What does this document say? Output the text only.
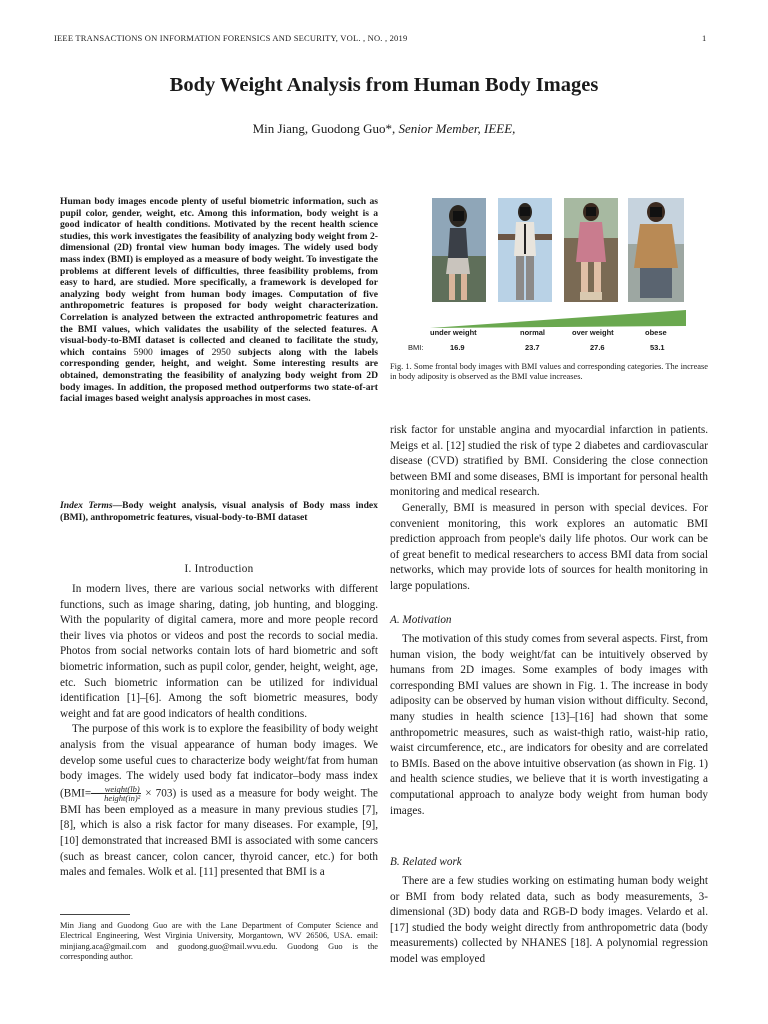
IEEE TRANSACTIONS ON INFORMATION FORENSICS AND SECURITY, VOL. , NO. , 2019	1
Body Weight Analysis from Human Body Images
Min Jiang, Guodong Guo*, Senior Member, IEEE,
Human body images encode plenty of useful biometric information, such as pupil color, gender, weight, etc. Among this information, body weight is a good indicator of health conditions. Motivated by the recent health science studies, this work investigates the feasibility of analyzing body weight from 2-dimensional (2D) frontal view human body images. The widely used body mass index (BMI) is employed as a measure of body weight. To investigate the problems at different levels of difficulties, three feasibility problems, from easy to hard, are studied. More specifically, a framework is developed for analyzing body weight from human body images. Computation of five anthropometric features is proposed for body weight characterization. Correlation is analyzed between the extracted anthropometric features and the BMI values, which validates the usability of the selected features. A visual-body-to-BMI dataset is collected and cleaned to facilitate the study, which contains 5900 images of 2950 subjects along with the labels corresponding gender, height, and weight. Some interesting results are obtained, demonstrating the feasibility of analyzing body weight from 2D body images. In addition, the proposed method outperforms two state-of-art facial images based weight analysis approaches in most cases.
Index Terms—Body weight analysis, visual analysis of Body mass index (BMI), anthropometric features, visual-body-to-BMI dataset
I. Introduction

In modern lives, there are various social networks with different functions, such as image sharing, dating, job hunting, and blogging. With the popularity of digital camera, more and more people record their lives via photos or videos and post the records to social media. Photos from social networks contain lots of hard biometric and soft biometric information, such as pupil color, gender, height, weight, age, etc. Such biometric information can be utilized for individual identification [1]–[6]. Among the soft biometric measures, body weight and fat are good indicators of health conditions.

The purpose of this work is to explore the feasibility of body weight analysis from the visual appearance of human body images. We develop some useful cues to characterize body weight/fat from human body images. The widely used body fat indicator–body mass index $(BMI= \frac{\text{weight(lb)}}{\text{height(in)²}} \times 703)$ is used as a measure for body weight. The BMI has been employed as a measure in many previous studies [7], [8], which is also a risk factor for many diseases. For example, [9], [10] demonstrated that increased BMI is associated with some cancers (such as breast cancer, colon cancer, thyroid cancer, etc.) for both males and females. Wolk et al. [11] presented that BMI is a

Min Jiang and Guodong Guo are with the Lane Department of Computer Science and Electrical Engineering, West Virginia University, Morgantown, WV 26506, USA. email: minjiang.aca@gmail.com and guodong.guo@mail.wvu.edu. Guodong Guo is the corresponding author.
under weight	normal	over weight	obese
BMI:	16.9	23.7	27.6	53.1
Fig. 1. Some frontal body images with BMI values and corresponding categories. The increase in body adiposity is observed as the BMI value increases.

risk factor for unstable angina and myocardial infarction in patients. Meigs et al. [12] studied the risk of type 2 diabetes and cardiovascular disease (CVD) stratified by BMI. Considering the close connection between BMI and some diseases, BMI is important for personal health monitoring and medical research.

Generally, BMI is measured in person with special devices. For convenient monitoring, this work explores an automatic BMI prediction approach from people's daily life photos. Our work can be of great benefit to medical researchers to access BMI data from social networks, which may provide lots of sources for health monitoring in large populations.

A. Motivation

The motivation of this study comes from several aspects. First, from human vision, the body weight/fat can be intuitively observed by humans from 2D images. Some examples of body images with corresponding BMI values are shown in Fig. 1. The increase in body adiposity can be observed by human vision without difficulty. Second, many studies in health science [13]–[16] had shown that some anthropometric measures, such as waist-thigh ratio, waist-hip ratio, waist circumference, etc., are indicators for obesity and are correlated to BMIs. Based on the above intuitive observation (as shown in Fig. 1) and health science studies, we believe that it is worth investigating a computational approach to analyze body weight from human body images.

B. Related work

There are a few studies working on estimating human body weight or BMI from body related data, such as body measurements, 3-dimensional (3D) body data and RGB-D body images. Velardo et al. [17] studied the body weight directly from anthropometric data (body measurements) collected by NHANES [18]. A polynomial regression model was employed
